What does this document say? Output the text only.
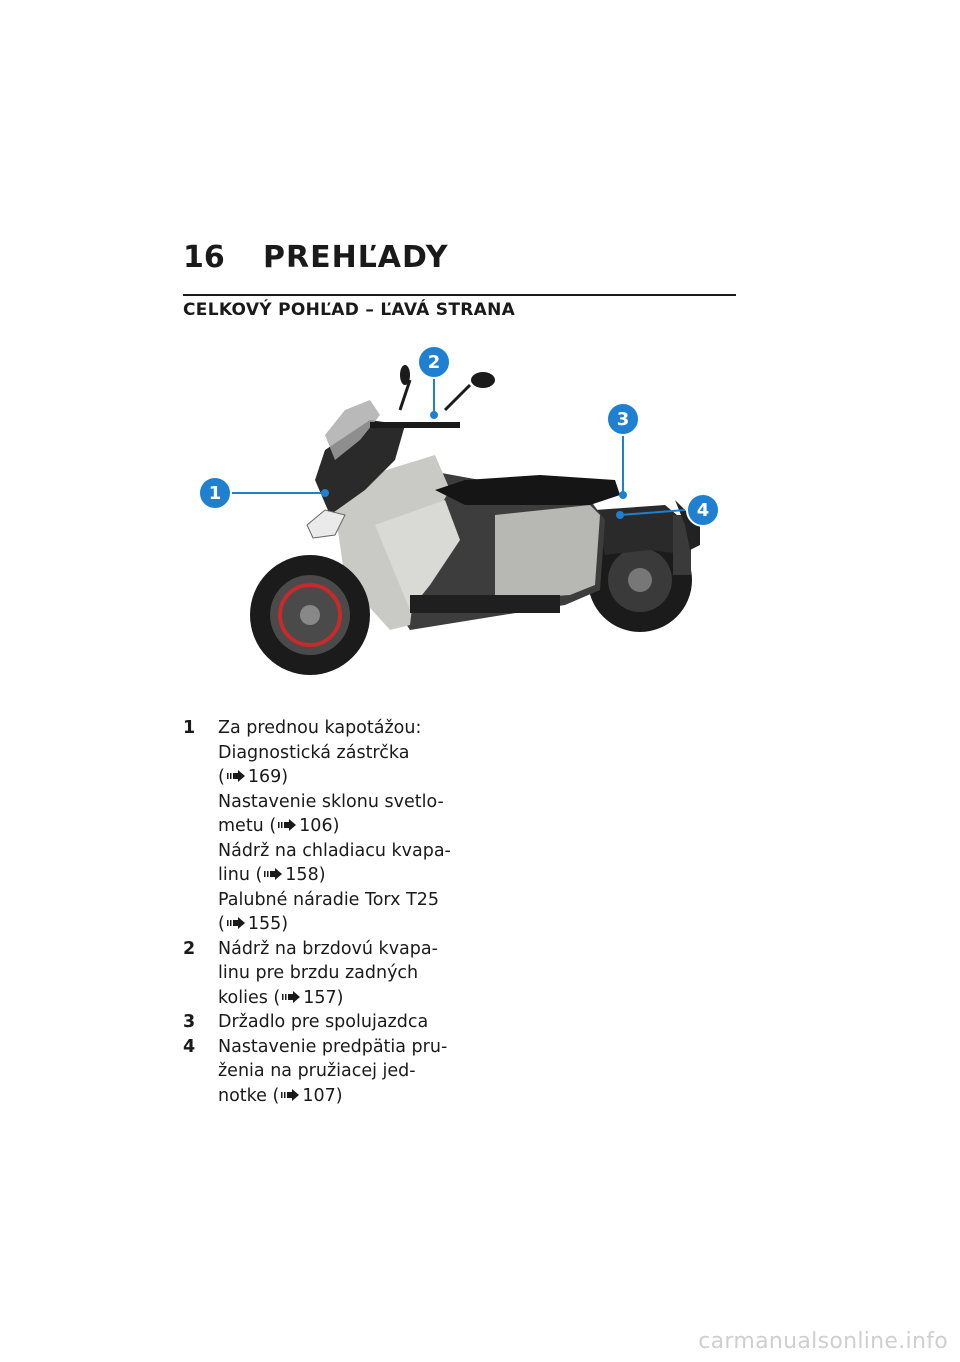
16 PREHĽADY
CELKOVÝ POHĽAD – ĽAVÁ STRANA
1
2
3
4
1	Za prednou kapotážou:
Diagnostická zástrčka
( 169)
Nastavenie sklonu svetlo-
metu ( 106)
Nádrž na chladiacu kvapa-
linu ( 158)
Palubné náradie Torx T25
( 155)
2	Nádrž na brzdovú kvapa-
linu pre brzdu zadných
kolies ( 157)
3	Držadlo pre spolujazdca
4	Nastavenie predpätia pru-
ženia na pružiacej jed-
notke ( 107)
carmanualsonline.info
